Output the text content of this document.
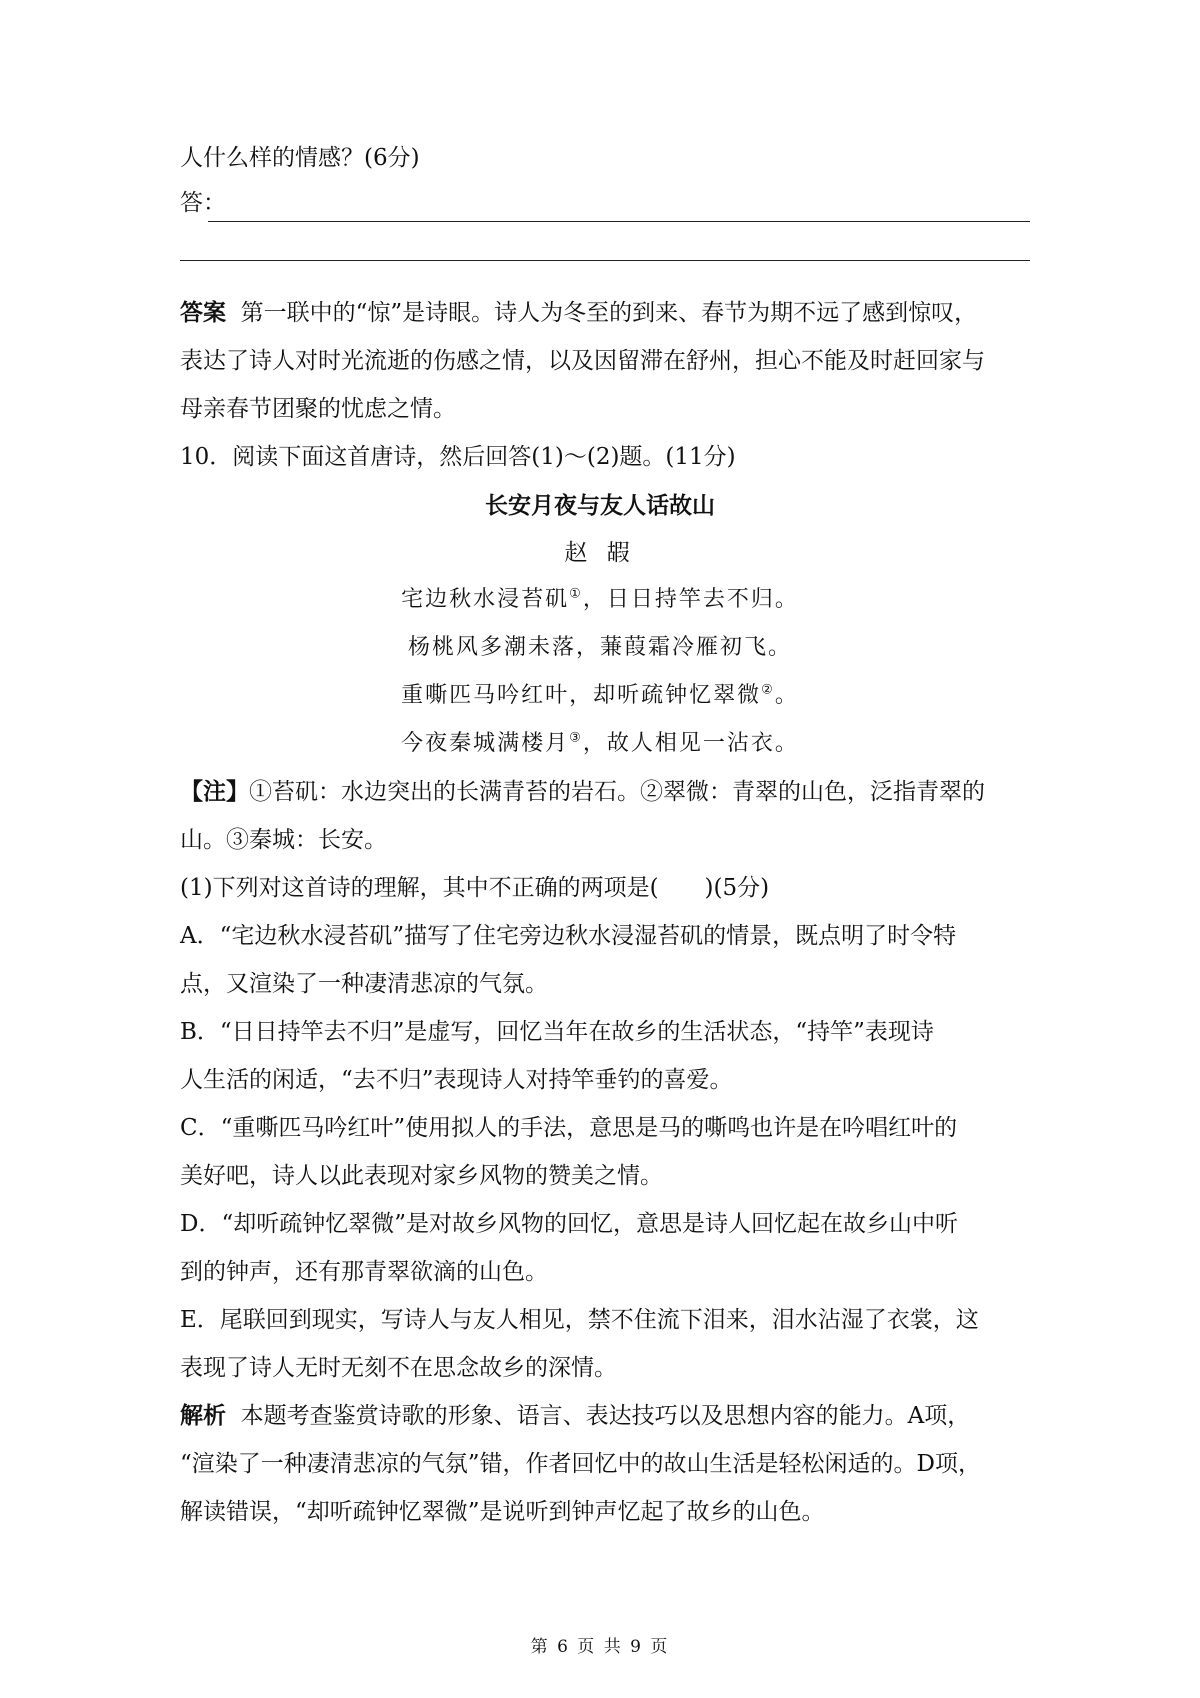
人什么样的情感？(6分)
答：
答案 第一联中的“惊”是诗眼。诗人为冬至的到来、春节为期不远了感到惊叹，
表达了诗人对时光流逝的伤感之情，以及因留滞在舒州，担心不能及时赶回家与
母亲春节团聚的忧虑之情。
10．阅读下面这首唐诗，然后回答(1)～(2)题。(11分)
长安月夜与友人话故山
赵 嘏
宅边秋水浸苔矶①，日日持竿去不归。
杨桃风多潮未落，蒹葭霜冷雁初飞。
重嘶匹马吟红叶，却听疏钟忆翠微②。
今夜秦城满楼月③，故人相见一沾衣。
【注】①苔矶：水边突出的长满青苔的岩石。②翠微：青翠的山色，泛指青翠的
山。③秦城：长安。
(1)下列对这首诗的理解，其中不正确的两项是(　　)(5分)
A．“宅边秋水浸苔矶”描写了住宅旁边秋水浸湿苔矶的情景，既点明了时令特
点，又渲染了一种凄清悲凉的气氛。
B．“日日持竿去不归”是虚写，回忆当年在故乡的生活状态，“持竿”表现诗
人生活的闲适，“去不归”表现诗人对持竿垂钓的喜爱。
C．“重嘶匹马吟红叶”使用拟人的手法，意思是马的嘶鸣也许是在吟唱红叶的
美好吧，诗人以此表现对家乡风物的赞美之情。
D．“却听疏钟忆翠微”是对故乡风物的回忆，意思是诗人回忆起在故乡山中听
到的钟声，还有那青翠欲滴的山色。
E．尾联回到现实，写诗人与友人相见，禁不住流下泪来，泪水沾湿了衣裳，这
表现了诗人无时无刻不在思念故乡的深情。
解析 本题考查鉴赏诗歌的形象、语言、表达技巧以及思想内容的能力。A项，
“渲染了一种凄清悲凉的气氛”错，作者回忆中的故山生活是轻松闲适的。D项，
解读错误，“却听疏钟忆翠微”是说听到钟声忆起了故乡的山色。
第 6 页 共 9 页
